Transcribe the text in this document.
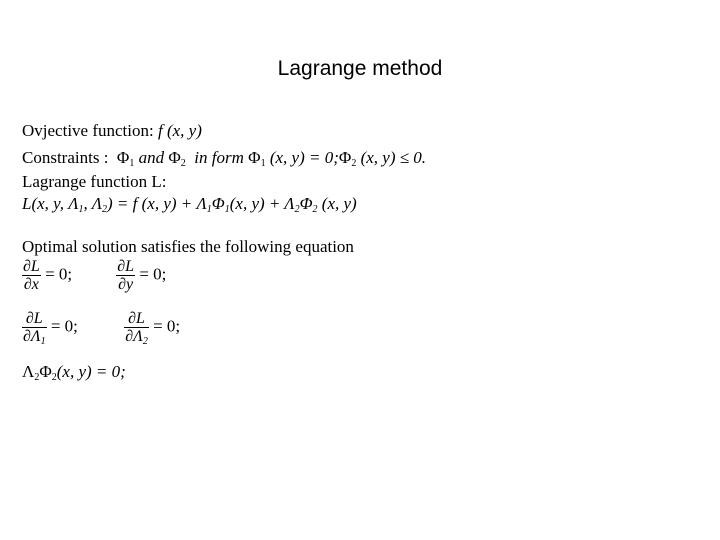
Lagrange method
Ovjective function: f (x, y)
Constraints : $\Phi_1$ and $\Phi_2$ in form $\Phi_1$ (x, $y) = 0;\Phi_2$ (x, y) ≤ 0.
Lagrange function L:
L(x, y, $\Lambda_1$, $\Lambda_2) = f$ (x, $y) + \Lambda_1\Phi_1(x$, $y) + \Lambda_2\Phi_2$ (x, y)
Optimal solution satisfies the following equation
$\frac{\partial L}{\partial x} = 0$;	$\frac{\partial L}{\partial y} = 0$;
$\frac{\partial L}{\partial\Lambda_1} = 0$;	$\frac{\partial L}{\partial\Lambda_2} = 0$;
$\Lambda_2\Phi_2(x$, y) = 0;
